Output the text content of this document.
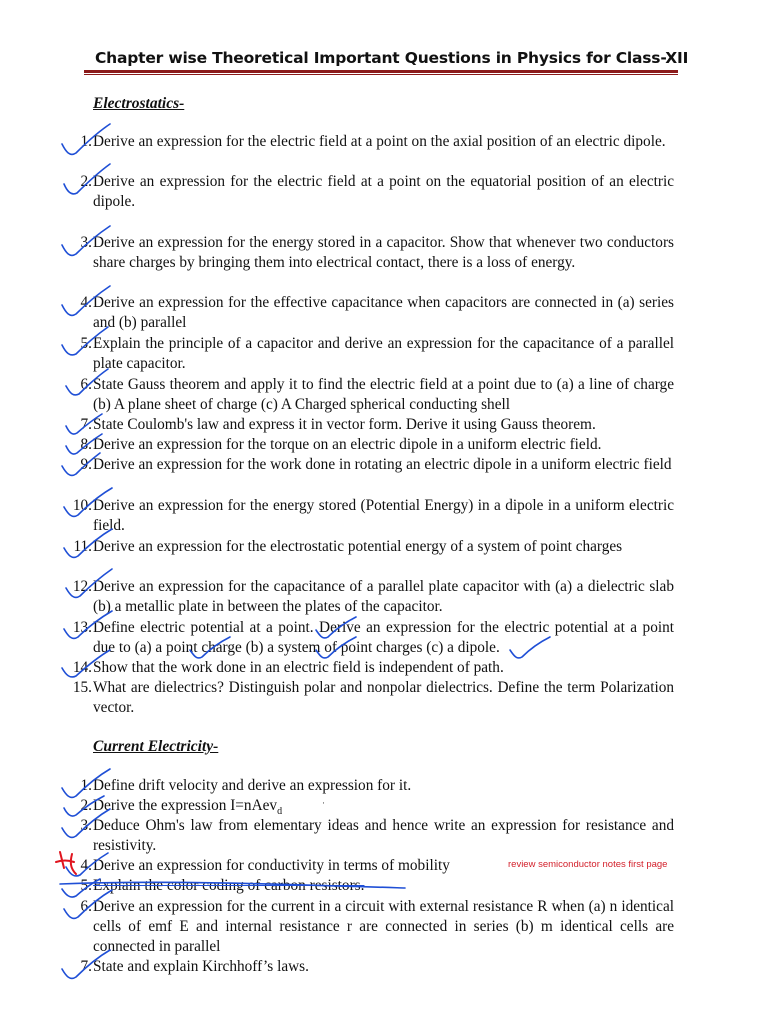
Chapter wise Theoretical Important Questions in Physics for Class-XII
Electrostatics-
1. Derive an expression for the electric field at a point on the axial position of an electric dipole.
2. Derive an expression for the electric field at a point on the equatorial position of an electric dipole.
3. Derive an expression for the energy stored in a capacitor. Show that whenever two conductors share charges by bringing them into electrical contact, there is a loss of energy.
4. Derive an expression for the effective capacitance when capacitors are connected in (a) series and (b) parallel
5. Explain the principle of a capacitor and derive an expression for the capacitance of a parallel plate capacitor.
6. State Gauss theorem and apply it to find the electric field at a point due to (a) a line of charge (b) A plane sheet of charge (c) A Charged spherical conducting shell
7. State Coulomb's law and express it in vector form. Derive it using Gauss theorem.
8. Derive an expression for the torque on an electric dipole in a uniform electric field.
9. Derive an expression for the work done in rotating an electric dipole in a uniform electric field
10. Derive an expression for the energy stored (Potential Energy) in a dipole in a uniform electric field.
11. Derive an expression for the electrostatic potential energy of a system of point charges
12. Derive an expression for the capacitance of a parallel plate capacitor with (a) a dielectric slab (b) a metallic plate in between the plates of the capacitor.
13. Define electric potential at a point. Derive an expression for the electric potential at a point due to (a) a point charge (b) a system of point charges (c) a dipole.
14. Show that the work done in an electric field is independent of path.
15. What are dielectrics? Distinguish polar and nonpolar dielectrics. Define the term Polarization vector.
Current Electricity-
1. Define drift velocity and derive an expression for it.
2. Derive the expression I=nAev$_d$
3. Deduce Ohm's law from elementary ideas and hence write an expression for resistance and resistivity.
4. Derive an expression for conductivity in terms of mobility
5. Explain the color coding of carbon resistors.
6. Derive an expression for the current in a circuit with external resistance R when (a) n identical cells of emf E and internal resistance r are connected in series (b) m identical cells are connected in parallel
7. State and explain Kirchhoff’s laws.
review semiconductor notes first page
·
